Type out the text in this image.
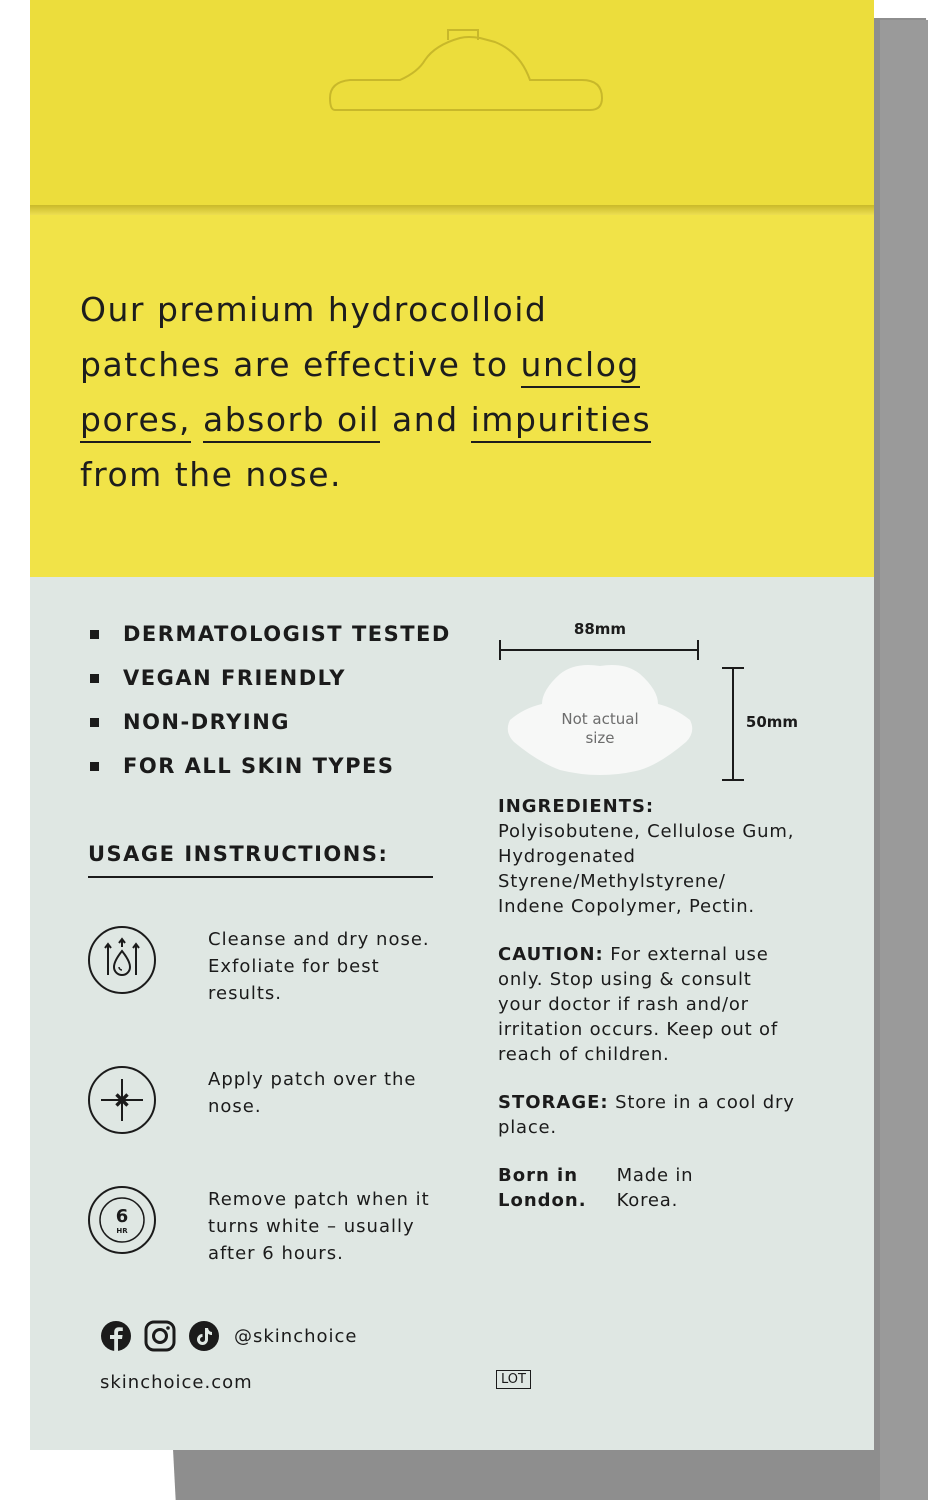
Our premium hydrocolloid
patches are effective to unclog
pores, absorb oil and impurities
from the nose.
DERMATOLOGIST TESTED
VEGAN FRIENDLY
NON-DRYING
FOR ALL SKIN TYPES
88mm
50mm
Not actual
size
USAGE INSTRUCTIONS:
Cleanse and dry nose. Exfoliate for best results.
Apply patch over the nose.
6
HR
Remove patch when it turns white – usually after 6 hours.

INGREDIENTS:
Polyisobutene, Cellulose Gum, Hydrogenated Styrene/Methylstyrene/ Indene Copolymer, Pectin.

CAUTION: For external use only. Stop using & consult your doctor if rash and/or irritation occurs. Keep out of reach of children.

STORAGE: Store in a cool dry place.

Born in
London.
Made in
Korea.
@skinchoice
skinchoice.com	LOT
